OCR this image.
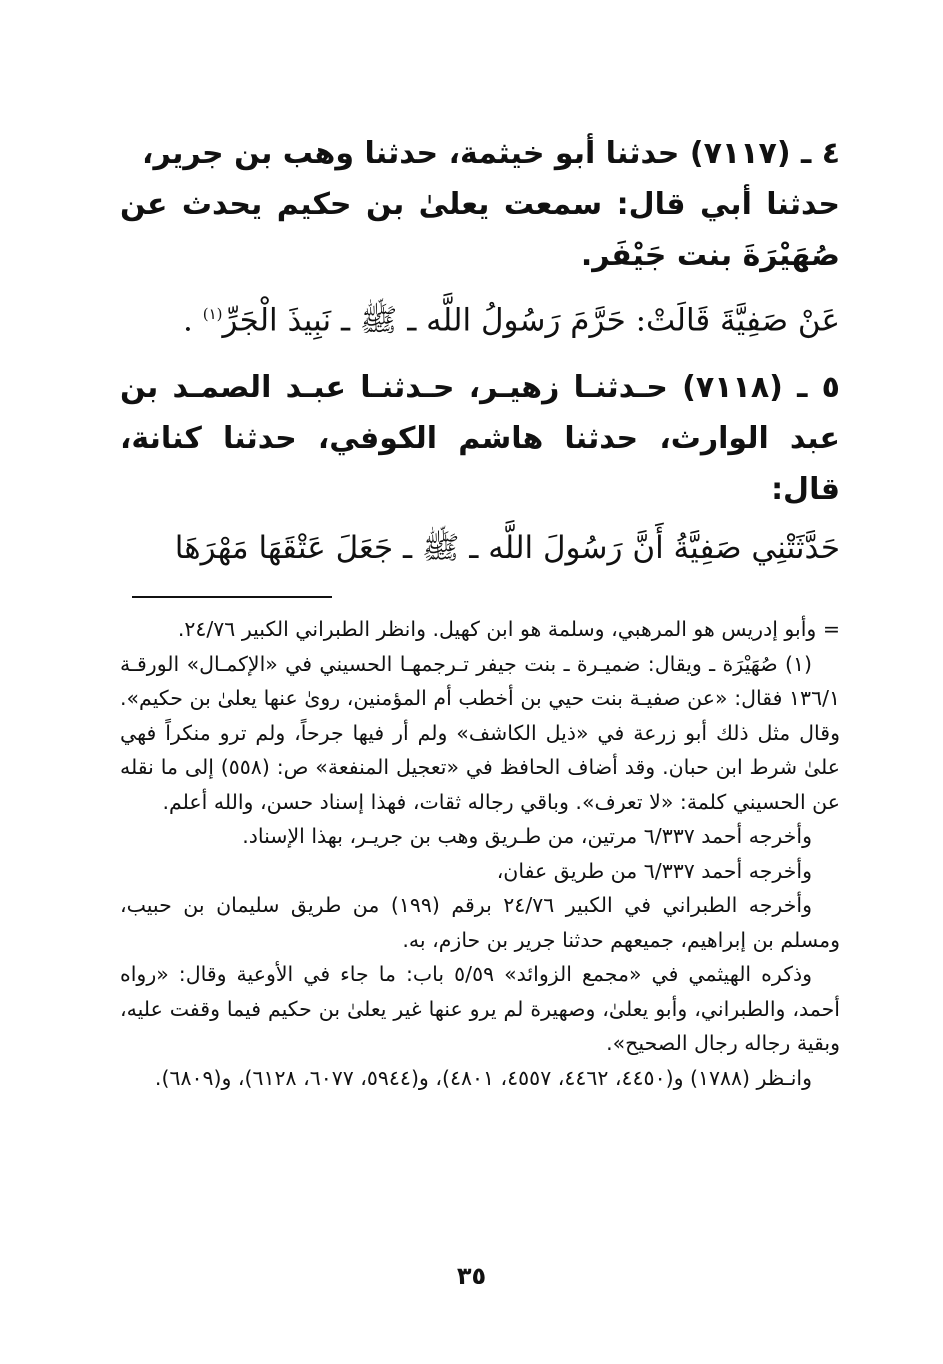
٤ ـ (٧١١٧) حدثنا أبو خيثمة، حدثنا وهب بن جرير،

حدثنا أبي قال: سمعت يعلىٰ بن حكيم يحدث عن صُهَيْرَةَ بنت جَيْفَر.

عَنْ صَفِيَّةَ قَالَتْ: حَرَّمَ رَسُولُ اللَّه ـ ﷺ ـ نَبِيذَ الْجَرِّ$^{(١)}$ .

٥ ـ (٧١١٨) حـدثنـا زهيـر، حـدثنـا عبـد الصمـد بن عبد الوارث، حدثنا هاشم الكوفي، حدثنا كنانة، قال:

حَدَّثَتْنِي صَفِيَّةُ أَنَّ رَسُولَ اللَّه ـ ﷺ ـ جَعَلَ عَتْقَهَا مَهْرَهَا

= وأبو إدريس هو المرهبي، وسلمة هو ابن كهيل. وانظر الطبراني الكبير ٢٤/٧٦.

(١) صُهَيْرَة ـ ويقال: ضميـرة ـ بنت جيفر تـرجمهـا الحسيني في «الإكمـال» الورقـة ١٣٦/١ فقال: «عن صفيـة بنت حيي بن أخطب أم المؤمنين، روىٰ عنها يعلىٰ بن حكيم». وقال مثل ذلك أبو زرعة في «ذيل الكاشف» ولم أر فيها جرحاً، ولم ترو منكراً فهي علىٰ شرط ابن حبان. وقد أضاف الحافظ في «تعجيل المنفعة» ص: (٥٥٨) إلى ما نقله عن الحسيني كلمة: «لا تعرف». وباقي رجاله ثقات، فهذا إسناد حسن، والله أعلم.

وأخرجه أحمد ٦/٣٣٧ مرتين، من طـريق وهب بن جريـر، بهذا الإسناد.

وأخرجه أحمد ٦/٣٣٧ من طريق عفان،

وأخرجه الطبراني في الكبير ٢٤/٧٦ برقم (١٩٩) من طريق سليمان بن حبيب، ومسلم بن إبراهيم، جميعهم حدثنا جرير بن حازم، به.

وذكره الهيثمي في «مجمع الزوائد» ٥/٥٩ باب: ما جاء في الأوعية وقال: «رواه أحمد، والطبراني، وأبو يعلىٰ، وصهيرة لم يرو عنها غير يعلىٰ بن حكيم فيما وقفت عليه، وبقية رجاله رجال الصحيح».

وانـظر (١٧٨٨) و(٤٤٥٠، ٤٤٦٢، ٤٥٥٧، ٤٨٠١)، و(٥٩٤٤، ٦٠٧٧، ٦١٢٨)، و(٦٨٠٩).

٣٥
